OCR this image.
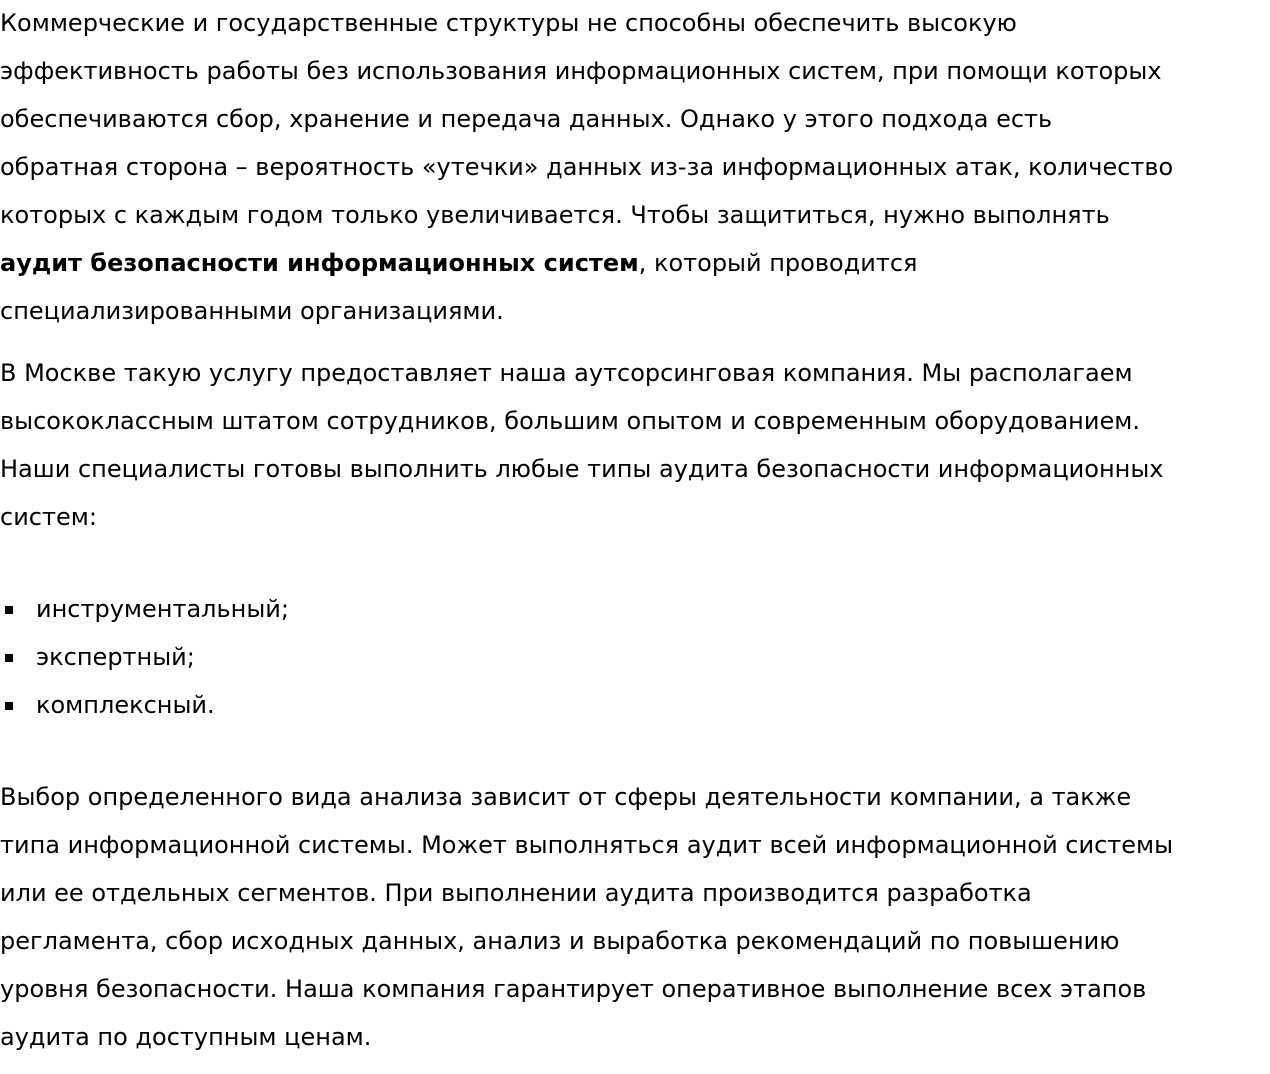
Коммерческие и государственные структуры не способны обеспечить высокую
эффективность работы без использования информационных систем, при помощи которых
обеспечиваются сбор, хранение и передача данных. Однако у этого подхода есть
обратная сторона – вероятность «утечки» данных из-за информационных атак, количество
которых с каждым годом только увеличивается. Чтобы защититься, нужно выполнять
аудит безопасности информационных систем, который проводится
специализированными организациями.

В Москве такую услугу предоставляет наша аутсорсинговая компания. Мы располагаем
высококлассным штатом сотрудников, большим опытом и современным оборудованием.
Наши специалисты готовы выполнить любые типы аудита безопасности информационных
систем:

инструментальный;
экспертный;
комплексный.

Выбор определенного вида анализа зависит от сферы деятельности компании, а также
типа информационной системы. Может выполняться аудит всей информационной системы
или ее отдельных сегментов. При выполнении аудита производится разработка
регламента, сбор исходных данных, анализ и выработка рекомендаций по повышению
уровня безопасности. Наша компания гарантирует оперативное выполнение всех этапов
аудита по доступным ценам.
